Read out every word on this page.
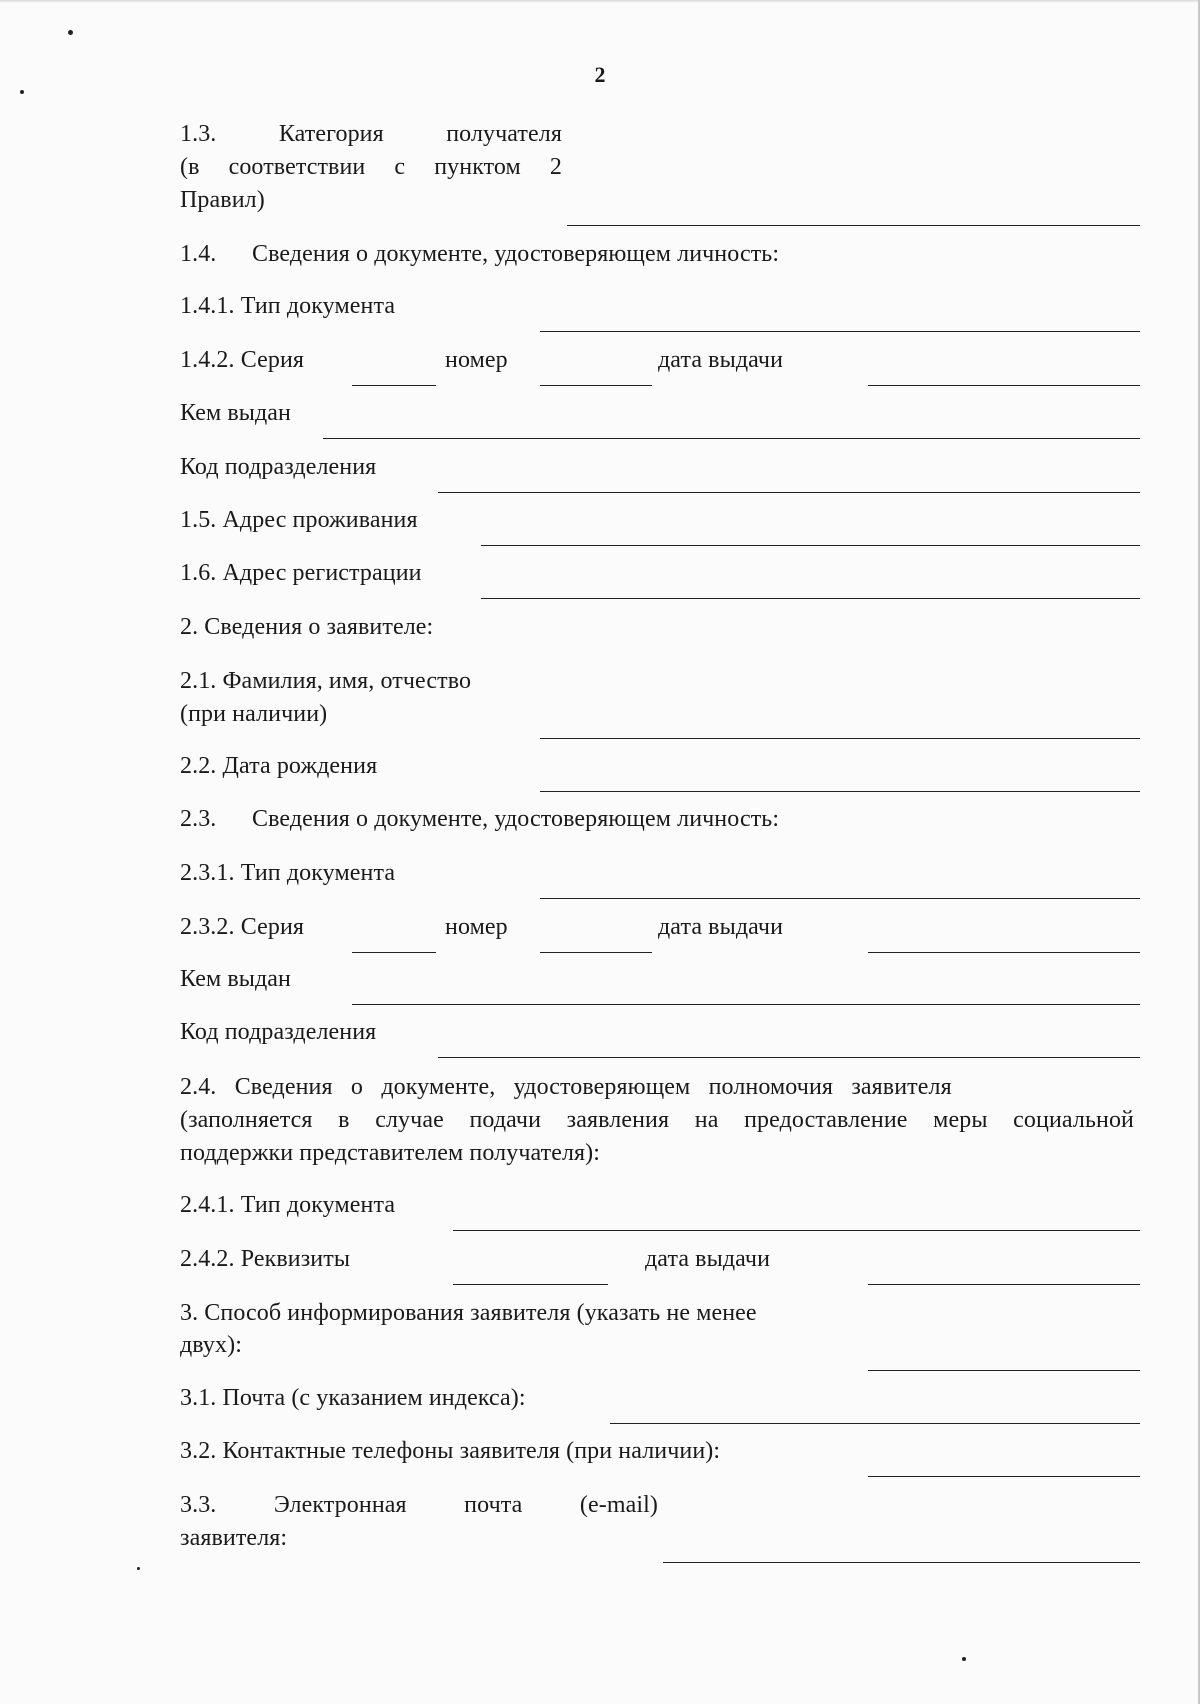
2
1.3.	Категория	получателя
(в соответствии с пунктом 2
Правил)
1.4. Сведения о документе, удостоверяющем личность:
1.4.1. Тип документа
1.4.2. Серия	номер	дата выдачи
Кем выдан
Код подразделения
1.5. Адрес проживания
1.6. Адрес регистрации
2. Сведения о заявителе:
2.1. Фамилия, имя, отчество
(при наличии)
2.2. Дата рождения
2.3. Сведения о документе, удостоверяющем личность:
2.3.1. Тип документа
2.3.2. Серия	номер	дата выдачи
Кем выдан
Код подразделения
2.4.   Сведения   о   документе,   удостоверяющем   полномочия   заявителя
(заполняется в случае подачи заявления на предоставление меры социальной
поддержки представителем получателя):
2.4.1. Тип документа
2.4.2. Реквизиты	дата выдачи
3. Способ информирования заявителя (указать не менее
двух):
3.1. Почта (с указанием индекса):
3.2. Контактные телефоны заявителя (при наличии):
3.3. Электронная почта (e-mail)
заявителя:
